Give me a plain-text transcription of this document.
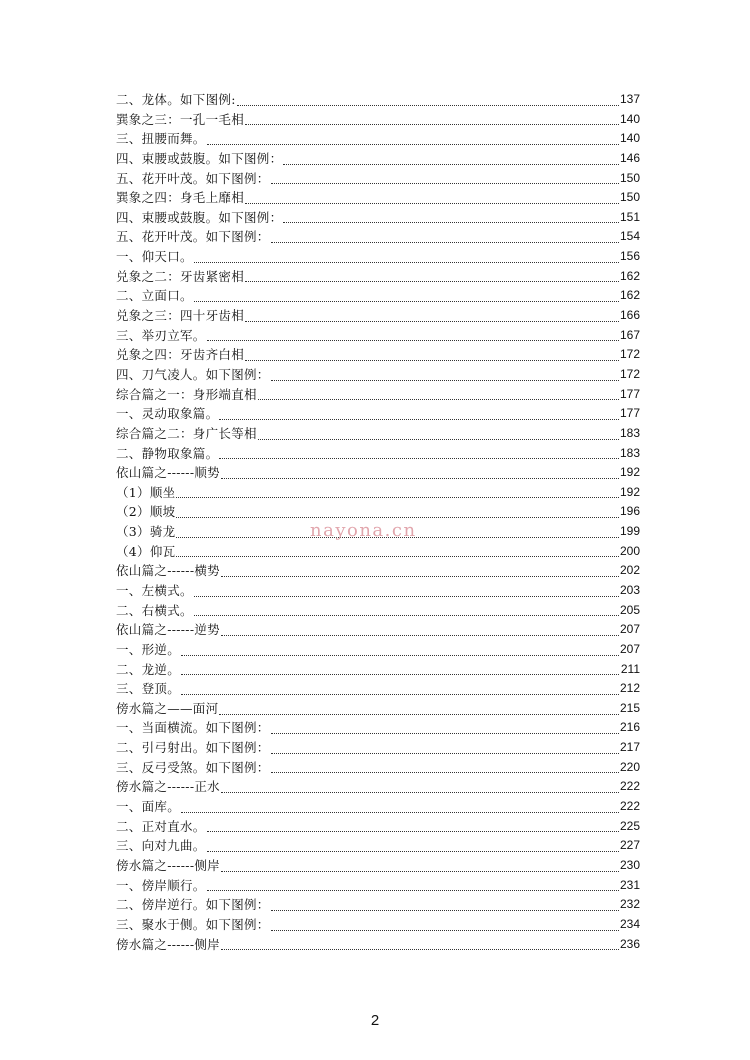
二、龙体。如下图例:	137
巽象之三：一孔一毛相	140
三、扭腰而舞。	140
四、束腰或鼓腹。如下图例：	146
五、花开叶茂。如下图例：	150
巽象之四：身毛上靡相	150
四、束腰或鼓腹。如下图例：	151
五、花开叶茂。如下图例：	154
一、仰天口。	156
兑象之二：牙齿紧密相	162
二、立面口。	162
兑象之三：四十牙齿相	166
三、举刃立军。	167
兑象之四：牙齿齐白相	172
四、刀气凌人。如下图例：	172
综合篇之一：身形端直相	177
一、灵动取象篇。	177
综合篇之二：身广长等相	183
二、静物取象篇。	183
依山篇之------顺势	192
（1）顺坐	192
（2）顺坡	196
（3）骑龙	199
（4）仰瓦	200
依山篇之------横势	202
一、左横式。	203
二、右横式。	205
依山篇之------逆势	207
一、形逆。	207
二、龙逆。	211
三、登顶。	212
傍水篇之——面河	215
一、当面横流。如下图例：	216
二、引弓射出。如下图例：	217
三、反弓受煞。如下图例：	220
傍水篇之------正水	222
一、面库。	222
二、正对直水。	225
三、向对九曲。	227
傍水篇之------侧岸	230
一、傍岸顺行。	231
二、傍岸逆行。如下图例：	232
三、聚水于侧。如下图例：	234
傍水篇之------侧岸	236
nayona.cn
2
